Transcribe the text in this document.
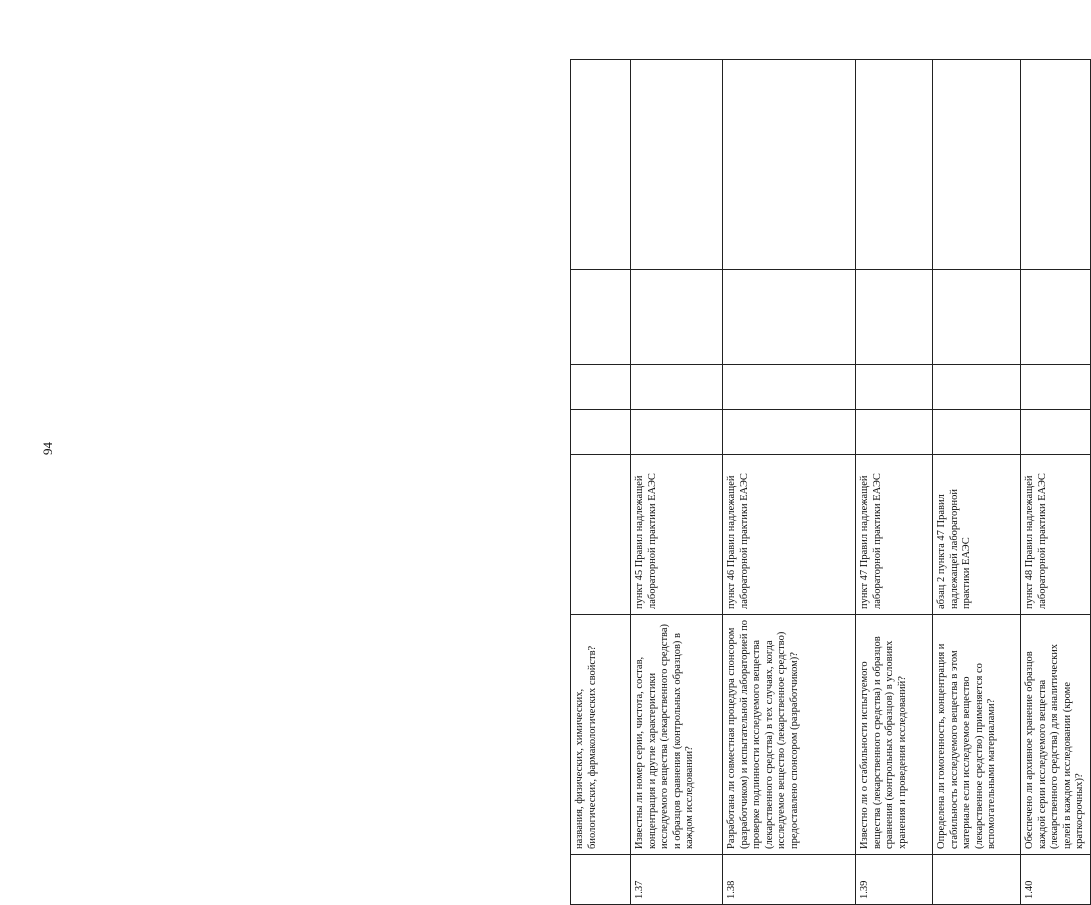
94
	названия, физических, химических, биологических, фармакологических свойств?					
1.37	Известны ли номер серии, чистота, состав, концентрация и другие характеристики исследуемого вещества (лекарственного средства) и образцов сравнения (контрольных образцов) в каждом исследовании?	пункт 45 Правил надлежащей лабораторной практики ЕАЭС				
1.38	Разработана ли совместная процедура спонсором (разработчиком) и испытательной лабораторией по проверке подлинности исследуемого вещества (лекарственного средства) в тех случаях, когда исследуемое вещество (лекарственное средство) предоставлено спонсором (разработчиком)?	пункт 46 Правил надлежащей лабораторной практики ЕАЭС				
1.39	Известно ли о стабильности испытуемого вещества (лекарственного средства) и образцов сравнения (контрольных образцов) в условиях хранения и проведения исследований?	пункт 47 Правил надлежащей лабораторной практики ЕАЭС				
	Определена ли гомогенность, концентрация и стабильность исследуемого вещества в этом материале если исследуемое вещество (лекарственное средство) применяется со вспомогательными материалами?	абзац 2 пункта 47 Правил надлежащей лабораторной практики ЕАЭС				
1.40	Обеспечено ли архивное хранение образцов каждой серии исследуемого вещества (лекарственного средства) для аналитических целей в каждом исследовании (кроме краткосрочных)?	пункт 48 Правил надлежащей лабораторной практики ЕАЭС				
